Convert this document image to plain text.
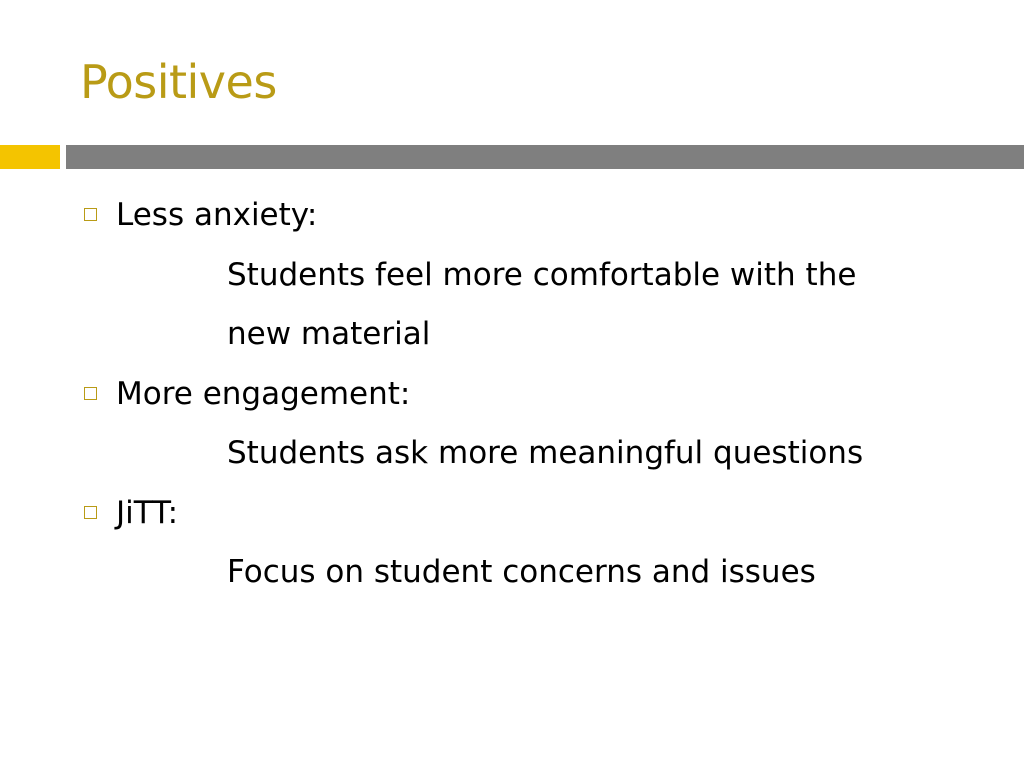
Positives
Less anxiety:
Students feel more comfortable with the
new material
More engagement:
Students ask more meaningful questions
JiTT:
Focus on student concerns and issues
